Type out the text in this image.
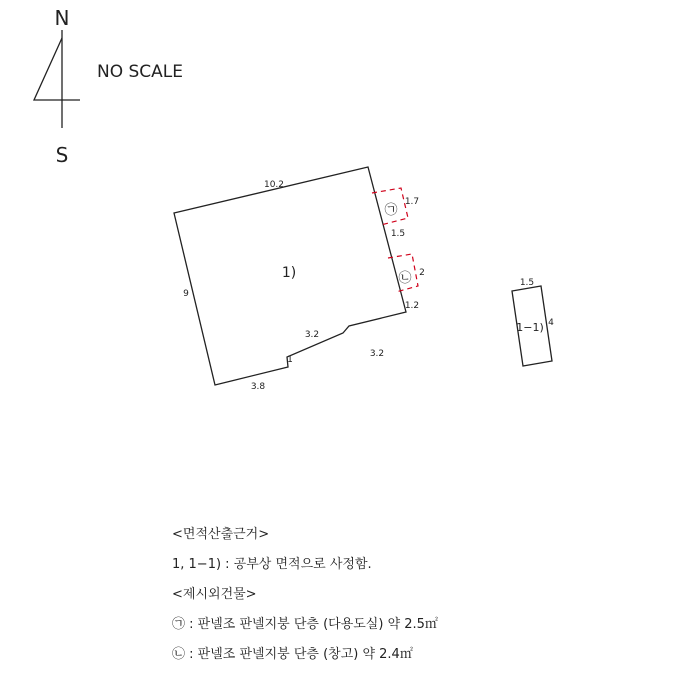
N
S
NO SCALE
1)
10.2
9
3.8
1
3.2
3.2
㉠
1.7
1.5
㉡ 2
1.2
1−1)
1.5
4
<면적산출근거>
1, 1−1) : 공부상 면적으로 사정함.
<제시외건물>
㉠ : 판넬조 판넬지붕 단층 (다용도실) 약 2.5㎡
㉡ : 판넬조 판넬지붕 단층 (창고) 약 2.4㎡
